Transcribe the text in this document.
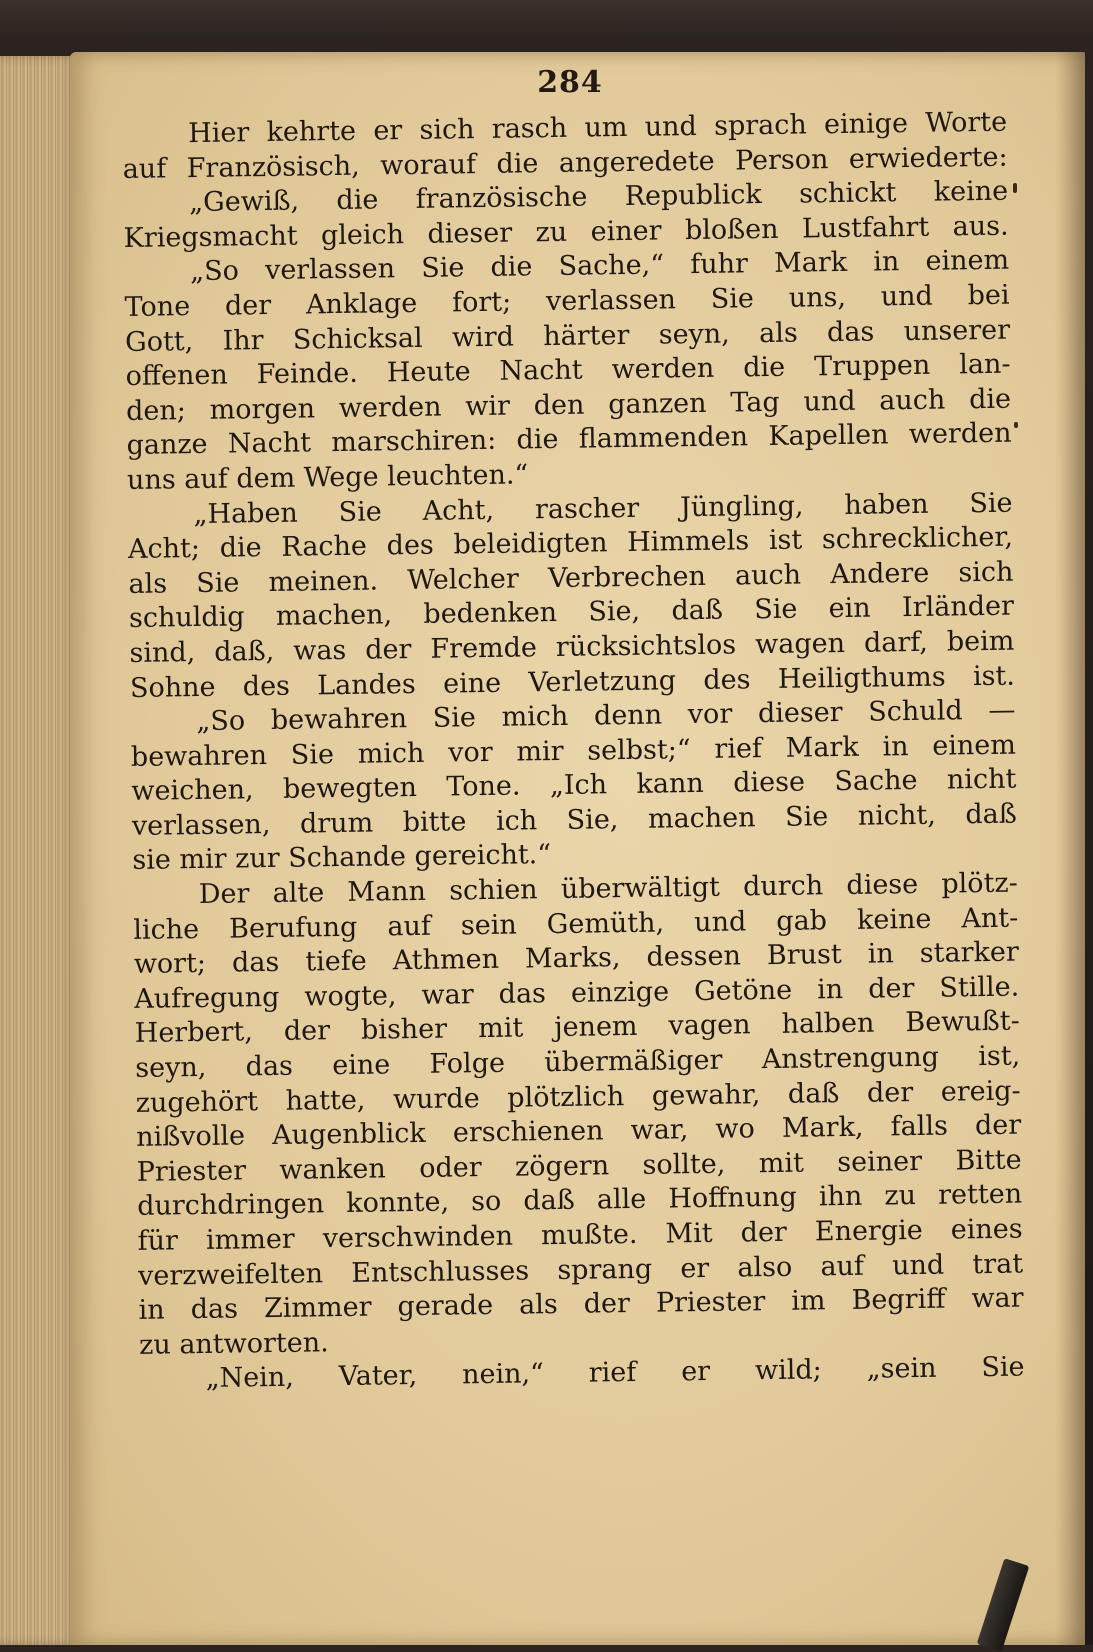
284
Hier kehrte er sich rasch um und sprach einige Worte
auf Französisch, worauf die angeredete Person erwiederte:
„Gewiß, die französische Republick schickt keine
Kriegsmacht gleich dieser zu einer bloßen Lustfahrt aus.
„So verlassen Sie die Sache,“ fuhr Mark in einem
Tone der Anklage fort; verlassen Sie uns, und bei
Gott, Ihr Schicksal wird härter seyn, als das unserer
offenen Feinde. Heute Nacht werden die Truppen lan-
den; morgen werden wir den ganzen Tag und auch die
ganze Nacht marschiren: die flammenden Kapellen werden
uns auf dem Wege leuchten.“
„Haben Sie Acht, rascher Jüngling, haben Sie
Acht; die Rache des beleidigten Himmels ist schrecklicher,
als Sie meinen. Welcher Verbrechen auch Andere sich
schuldig machen, bedenken Sie, daß Sie ein Irländer
sind, daß, was der Fremde rücksichtslos wagen darf, beim
Sohne des Landes eine Verletzung des Heiligthums ist.
„So bewahren Sie mich denn vor dieser Schuld —
bewahren Sie mich vor mir selbst;“ rief Mark in einem
weichen, bewegten Tone. „Ich kann diese Sache nicht
verlassen, drum bitte ich Sie, machen Sie nicht, daß
sie mir zur Schande gereicht.“
Der alte Mann schien überwältigt durch diese plötz-
liche Berufung auf sein Gemüth, und gab keine Ant-
wort; das tiefe Athmen Marks, dessen Brust in starker
Aufregung wogte, war das einzige Getöne in der Stille.
Herbert, der bisher mit jenem vagen halben Bewußt-
seyn, das eine Folge übermäßiger Anstrengung ist,
zugehört hatte, wurde plötzlich gewahr, daß der ereig-
nißvolle Augenblick erschienen war, wo Mark, falls der
Priester wanken oder zögern sollte, mit seiner Bitte
durchdringen konnte, so daß alle Hoffnung ihn zu retten
für immer verschwinden mußte. Mit der Energie eines
verzweifelten Entschlusses sprang er also auf und trat
in das Zimmer gerade als der Priester im Begriff war
zu antworten.
„Nein, Vater, nein,“ rief er wild; „sein Sie
